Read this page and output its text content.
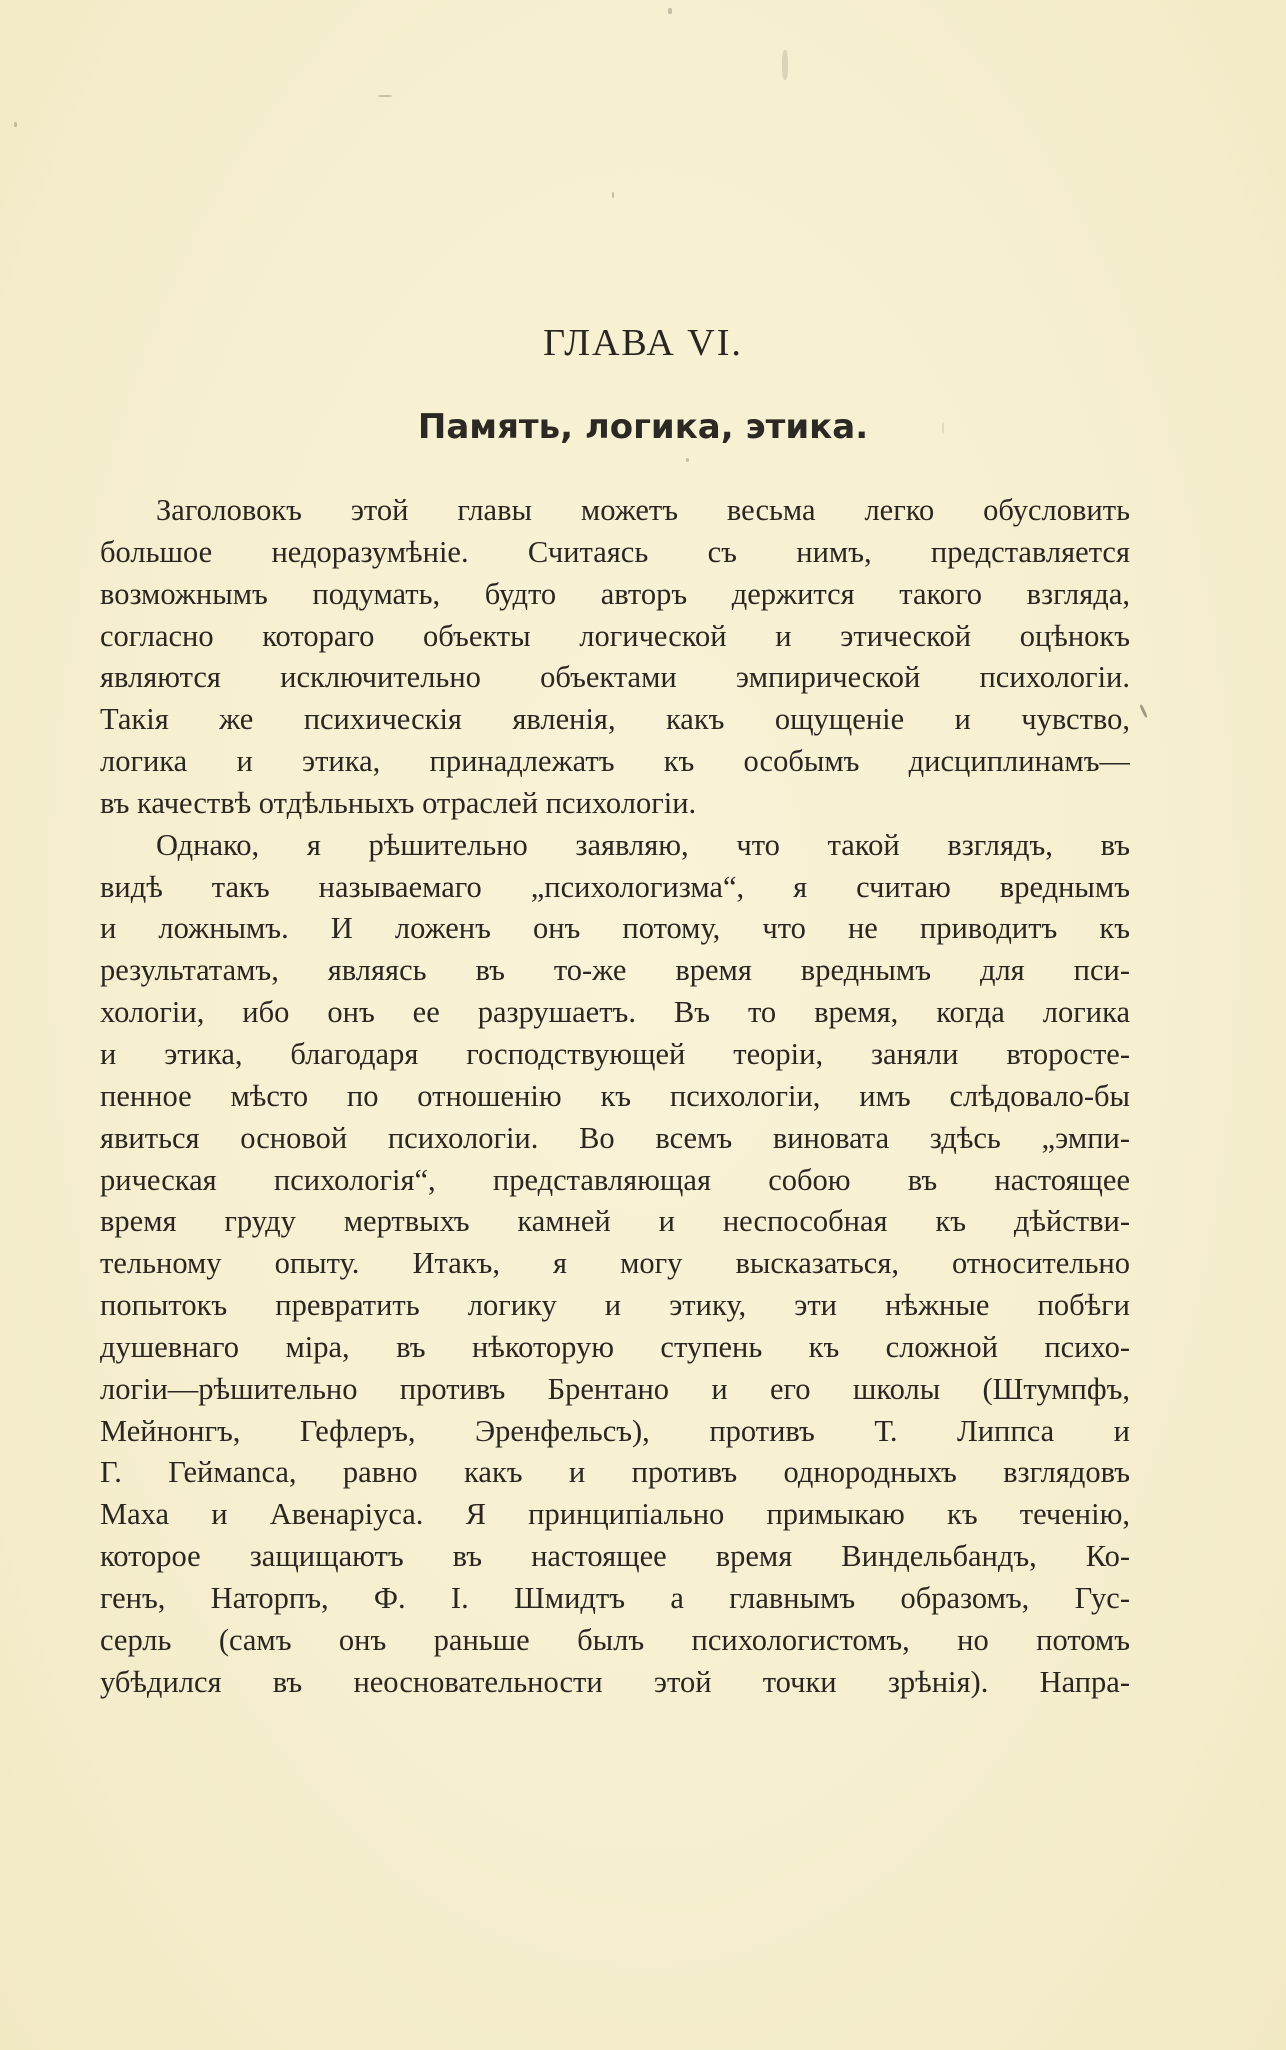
ГЛАВА VI.
Память, логика, этика.
Заголовокъ этой главы можетъ весьма легко обусловить
большое недоразумѣніе. Считаясь съ нимъ, представляется
возможнымъ подумать, будто авторъ держится такого взгляда,
согласно котораго объекты логической и этической оцѣнокъ
являются исключительно объектами эмпирической психологіи.
Такія же психическія явленія, какъ ощущеніе и чувство,
логика и этика, принадлежатъ къ особымъ дисциплинамъ—
въ качествѣ отдѣльныхъ отраслей психологіи.
Однако, я рѣшительно заявляю, что такой взглядъ, въ
видѣ такъ называемаго „психологизма“, я считаю вреднымъ
и ложнымъ. И ложенъ онъ потому, что не приводитъ къ
результатамъ, являясь въ то-же время вреднымъ для пси-
хологіи, ибо онъ ее разрушаетъ. Въ то время, когда логика
и этика, благодаря господствующей теоріи, заняли второсте-
пенное мѣсто по отношенію къ психологіи, имъ слѣдовало-бы
явиться основой психологіи. Во всемъ виновата здѣсь „эмпи-
рическая психологія“, представляющая собою въ настоящее
время груду мертвыхъ камней и неспособная къ дѣйстви-
тельному опыту. Итакъ, я могу высказаться, относительно
попытокъ превратить логику и этику, эти нѣжные побѣги
душевнаго міра, въ нѣкоторую ступень къ сложной психо-
логіи—рѣшительно противъ Брентано и его школы (Штумпфъ,
Мейнонгъ, Гефлеръ, Эренфельсъ), противъ Т. Липпса и
Г. Геймanса, равно какъ и противъ однородныхъ взглядовъ
Маха и Авенаріуса. Я принципіально примыкаю къ теченію,
которое защищаютъ въ настоящее время Виндельбандъ, Ко-
генъ, Наторпъ, Ф. І. Шмидтъ а главнымъ образомъ, Гус-
серль (самъ онъ раньше былъ психологистомъ, но потомъ
убѣдился въ неосновательности этой точки зрѣнія). Напра-
